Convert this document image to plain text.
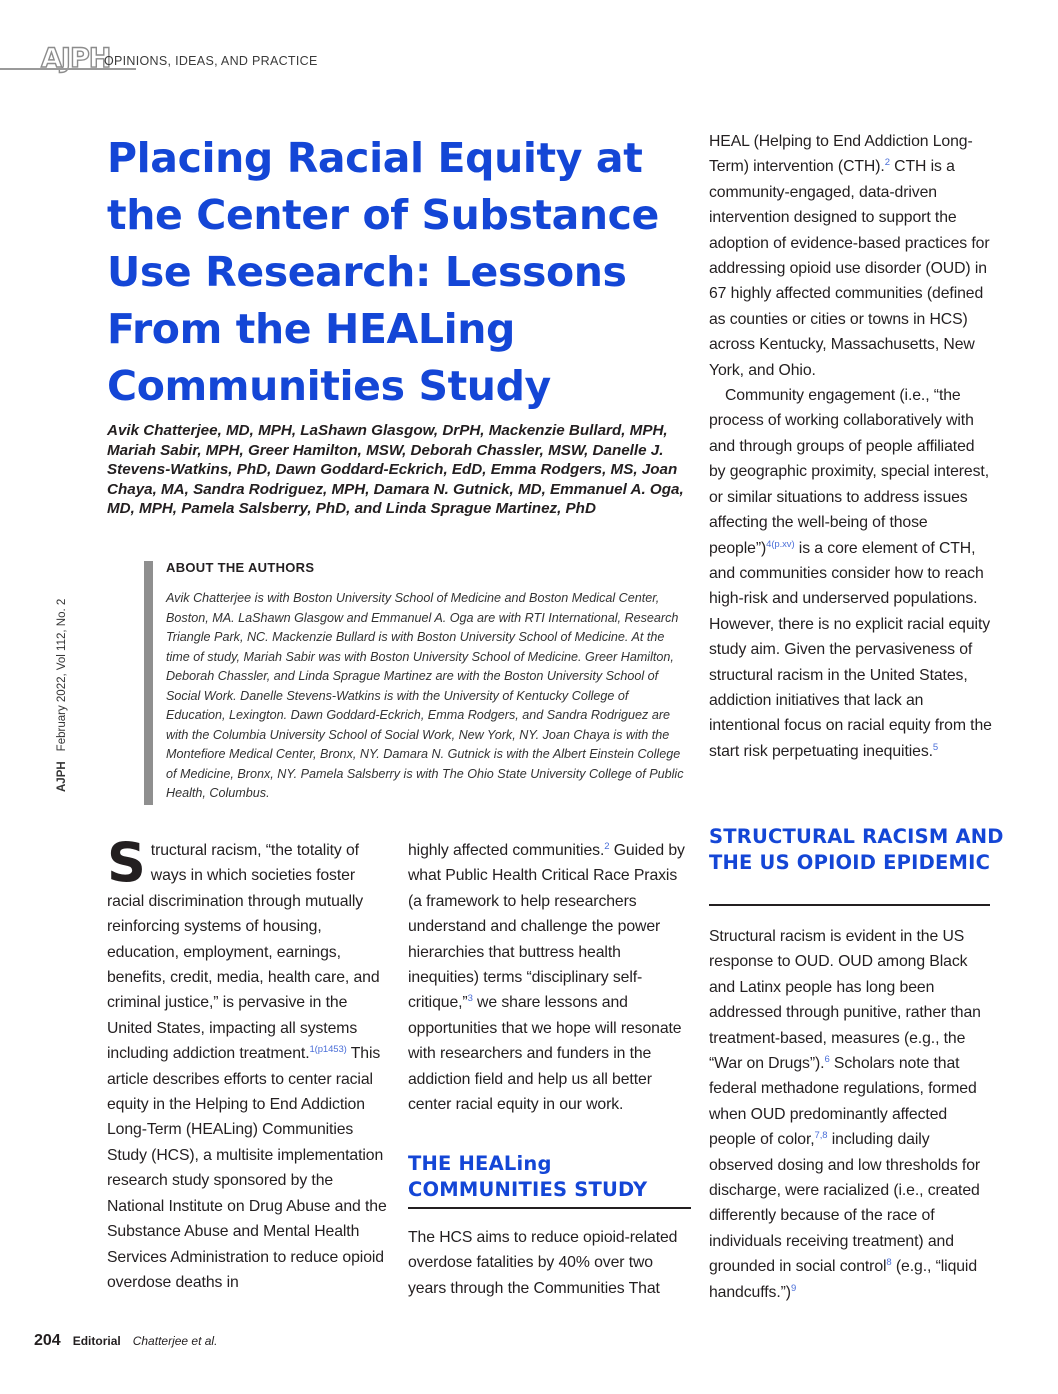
AJPH
OPINIONS, IDEAS, AND PRACTICE
AJPHFebruary 2022, Vol 112, No. 2
Placing Racial Equity at the Center of Substance Use Research: Lessons From the HEALing Communities Study

Avik Chatterjee, MD, MPH, LaShawn Glasgow, DrPH, Mackenzie Bullard, MPH, Mariah Sabir, MPH, Greer Hamilton, MSW, Deborah Chassler, MSW, Danelle J. Stevens-Watkins, PhD, Dawn Goddard-Eckrich, EdD, Emma Rodgers, MS, Joan Chaya, MA, Sandra Rodriguez, MPH, Damara N. Gutnick, MD, Emmanuel A. Oga, MD, MPH, Pamela Salsberry, PhD, and Linda Sprague Martinez, PhD

ABOUT THE AUTHORS

Avik Chatterjee is with Boston University School of Medicine and Boston Medical Center, Boston, MA. LaShawn Glasgow and Emmanuel A. Oga are with RTI International, Research Triangle Park, NC. Mackenzie Bullard is with Boston University School of Medicine. At the time of study, Mariah Sabir was with Boston University School of Medicine. Greer Hamilton, Deborah Chassler, and Linda Sprague Martinez are with the Boston University School of Social Work. Danelle Stevens-Watkins is with the University of Kentucky College of Education, Lexington. Dawn Goddard-Eckrich, Emma Rodgers, and Sandra Rodriguez are with the Columbia University School of Social Work, New York, NY. Joan Chaya is with the Montefiore Medical Center, Bronx, NY. Damara N. Gutnick is with the Albert Einstein College of Medicine, Bronx, NY. Pamela Salsberry is with The Ohio State University College of Public Health, Columbus.

Structural racism, “the totality of ways in which societies foster racial discrimination through mutually reinforcing systems of housing, education, employment, earnings, benefits, credit, media, health care, and criminal justice,” is pervasive in the United States, impacting all systems including addiction treatment.$^{1(p1453)}$ This article describes efforts to center racial equity in the Helping to End Addiction Long-Term (HEALing) Communities Study (HCS), a multisite implementation research study sponsored by the National Institute on Drug Abuse and the Substance Abuse and Mental Health Services Administration to reduce opioid overdose deaths in

highly affected communities.$^2$ Guided by what Public Health Critical Race Praxis (a framework to help researchers understand and challenge the power hierarchies that buttress health inequities) terms “disciplinary self-critique,”$^3$ we share lessons and opportunities that we hope will resonate with researchers and funders in the addiction field and help us all better center racial equity in our work.

THE HEALing COMMUNITIES STUDY

The HCS aims to reduce opioid-related overdose fatalities by 40% over two years through the Communities That

HEAL (Helping to End Addiction Long-Term) intervention (CTH).$^2$ CTH is a community-engaged, data-driven intervention designed to support the adoption of evidence-based practices for addressing opioid use disorder (OUD) in 67 highly affected communities (defined as counties or cities or towns in HCS) across Kentucky, Massachusetts, New York, and Ohio.
Community engagement (i.e., “the process of working collaboratively with and through groups of people affiliated by geographic proximity, special interest, or similar situations to address issues affecting the well-being of those people”)$^{4(p.xv)}$ is a core element of CTH, and communities consider how to reach high-risk and underserved populations. However, there is no explicit racial equity study aim. Given the pervasiveness of structural racism in the United States, addiction initiatives that lack an intentional focus on racial equity from the start risk perpetuating inequities.$^5$

STRUCTURAL RACISM AND THE US OPIOID EPIDEMIC

Structural racism is evident in the US response to OUD. OUD among Black and Latinx people has long been addressed through punitive, rather than treatment-based, measures (e.g., the “War on Drugs”).$^6$ Scholars note that federal methadone regulations, formed when OUD predominantly affected people of color,$^{7,8}$ including daily observed dosing and low thresholds for discharge, were racialized (i.e., created differently because of the race of individuals receiving treatment) and grounded in social control$^8$ (e.g., “liquid handcuffs.”)$^9$

204 Editorial Chatterjee et al.
